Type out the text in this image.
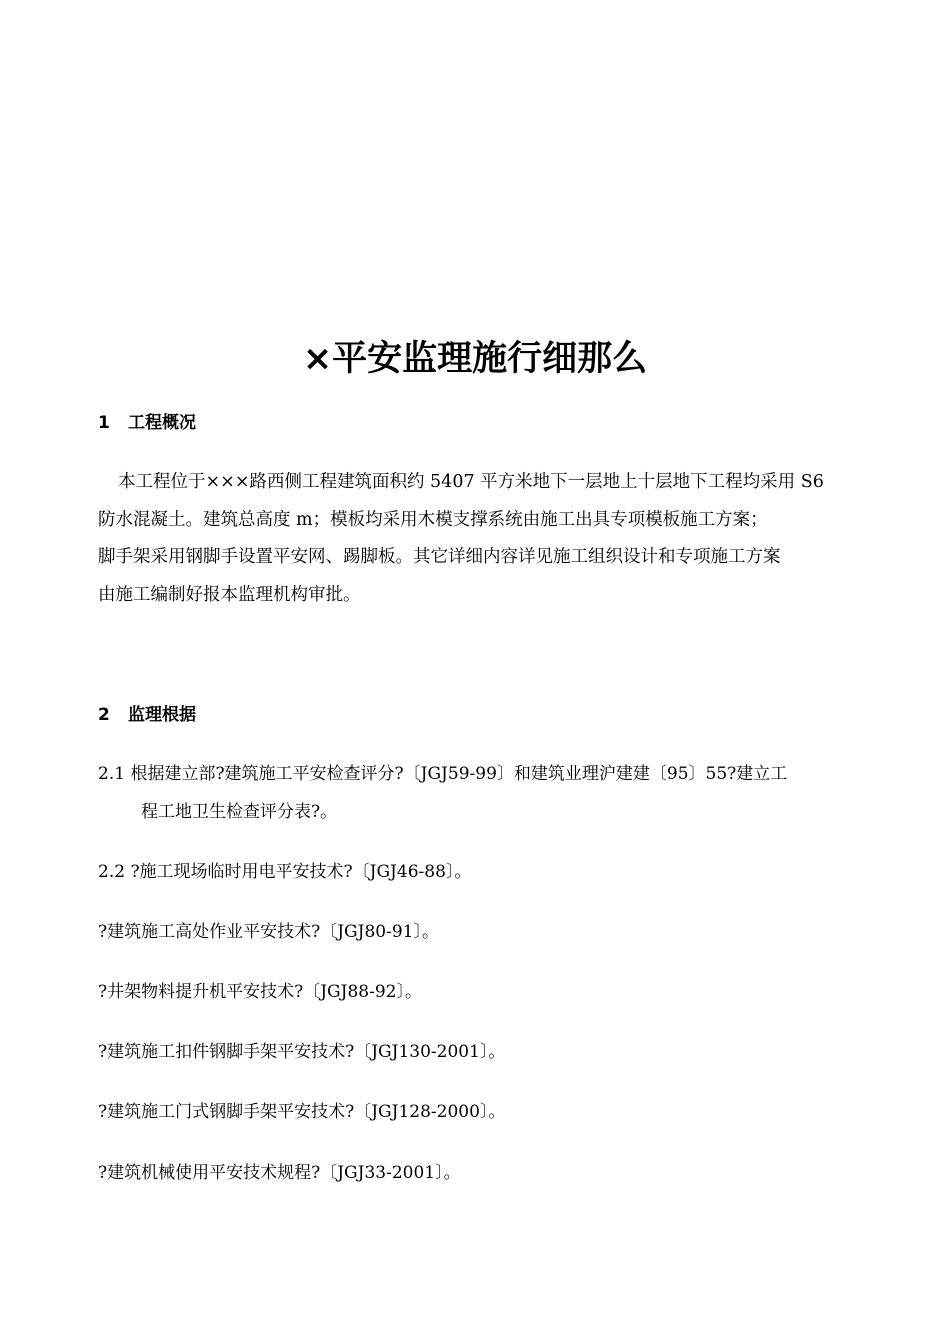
×平安监理施行细那么
1 工程概况
本工程位于×××路西侧工程建筑面积约 5407 平方米地下一层地上十层地下工程均采用 S6
防水混凝土。建筑总高度 m；模板均采用木模支撑系统由施工出具专项模板施工方案；
脚手架采用钢脚手设置平安网、踢脚板。其它详细内容详见施工组织设计和专项施工方案
由施工编制好报本监理机构审批。
2 监理根据
2.1 根据建立部?建筑施工平安检查评分?〔JGJ59-99〕和建筑业理沪建建〔95〕55?建立工
程工地卫生检查评分表?。
2.2 ?施工现场临时用电平安技术?〔JGJ46-88〕。
?建筑施工高处作业平安技术?〔JGJ80-91〕。
?井架物料提升机平安技术?〔JGJ88-92〕。
?建筑施工扣件钢脚手架平安技术?〔JGJ130-2001〕。
?建筑施工门式钢脚手架平安技术?〔JGJ128-2000〕。
?建筑机械使用平安技术规程?〔JGJ33-2001〕。
